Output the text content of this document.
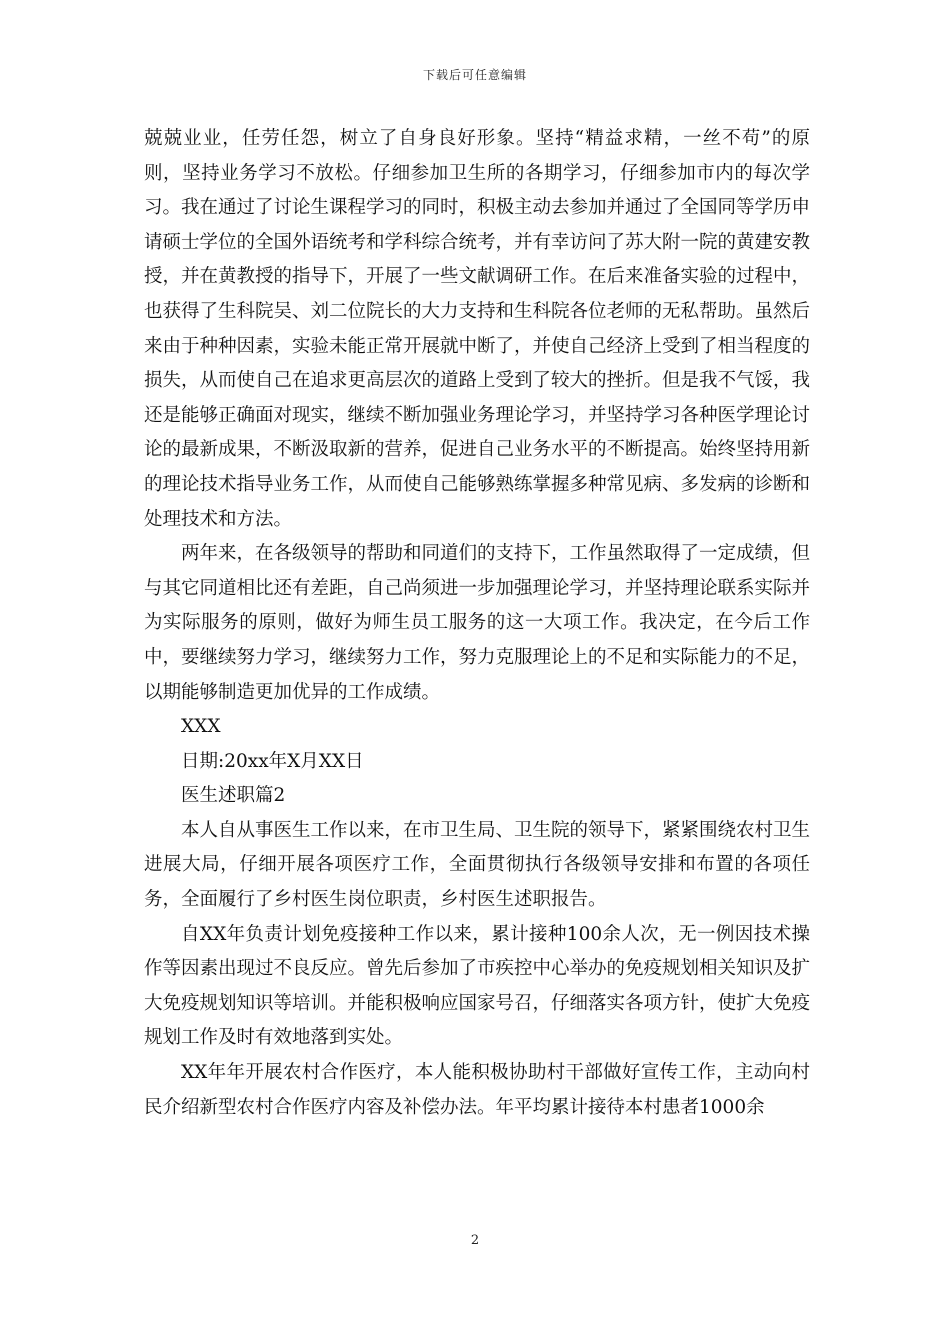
下载后可任意编辑

兢兢业业，任劳任怨，树立了自身良好形象。坚持“精益求精，一丝不苟”的原则，坚持业务学习不放松。仔细参加卫生所的各期学习，仔细参加市内的每次学习。我在通过了讨论生课程学习的同时，积极主动去参加并通过了全国同等学历申请硕士学位的全国外语统考和学科综合统考，并有幸访问了苏大附一院的黄建安教授，并在黄教授的指导下，开展了一些文献调研工作。在后来准备实验的过程中，也获得了生科院吴、刘二位院长的大力支持和生科院各位老师的无私帮助。虽然后来由于种种因素，实验未能正常开展就中断了，并使自己经济上受到了相当程度的损失，从而使自己在追求更高层次的道路上受到了较大的挫折。但是我不气馁，我还是能够正确面对现实，继续不断加强业务理论学习，并坚持学习各种医学理论讨论的最新成果，不断汲取新的营养，促进自己业务水平的不断提高。始终坚持用新的理论技术指导业务工作，从而使自己能够熟练掌握多种常见病、多发病的诊断和处理技术和方法。

两年来，在各级领导的帮助和同道们的支持下，工作虽然取得了一定成绩，但与其它同道相比还有差距，自己尚须进一步加强理论学习，并坚持理论联系实际并为实际服务的原则，做好为师生员工服务的这一大项工作。我决定，在今后工作中，要继续努力学习，继续努力工作，努力克服理论上的不足和实际能力的不足，以期能够制造更加优异的工作成绩。

XXX

日期:20xx年X月XX日

医生述职篇2

本人自从事医生工作以来，在市卫生局、卫生院的领导下，紧紧围绕农村卫生进展大局，仔细开展各项医疗工作，全面贯彻执行各级领导安排和布置的各项任务，全面履行了乡村医生岗位职责，乡村医生述职报告。

自XX年负责计划免疫接种工作以来，累计接种100余人次，无一例因技术操作等因素出现过不良反应。曾先后参加了市疾控中心举办的免疫规划相关知识及扩大免疫规划知识等培训。并能积极响应国家号召，仔细落实各项方针，使扩大免疫规划工作及时有效地落到实处。

XX年年开展农村合作医疗，本人能积极协助村干部做好宣传工作，主动向村民介绍新型农村合作医疗内容及补偿办法。年平均累计接待本村患者1000余

2
